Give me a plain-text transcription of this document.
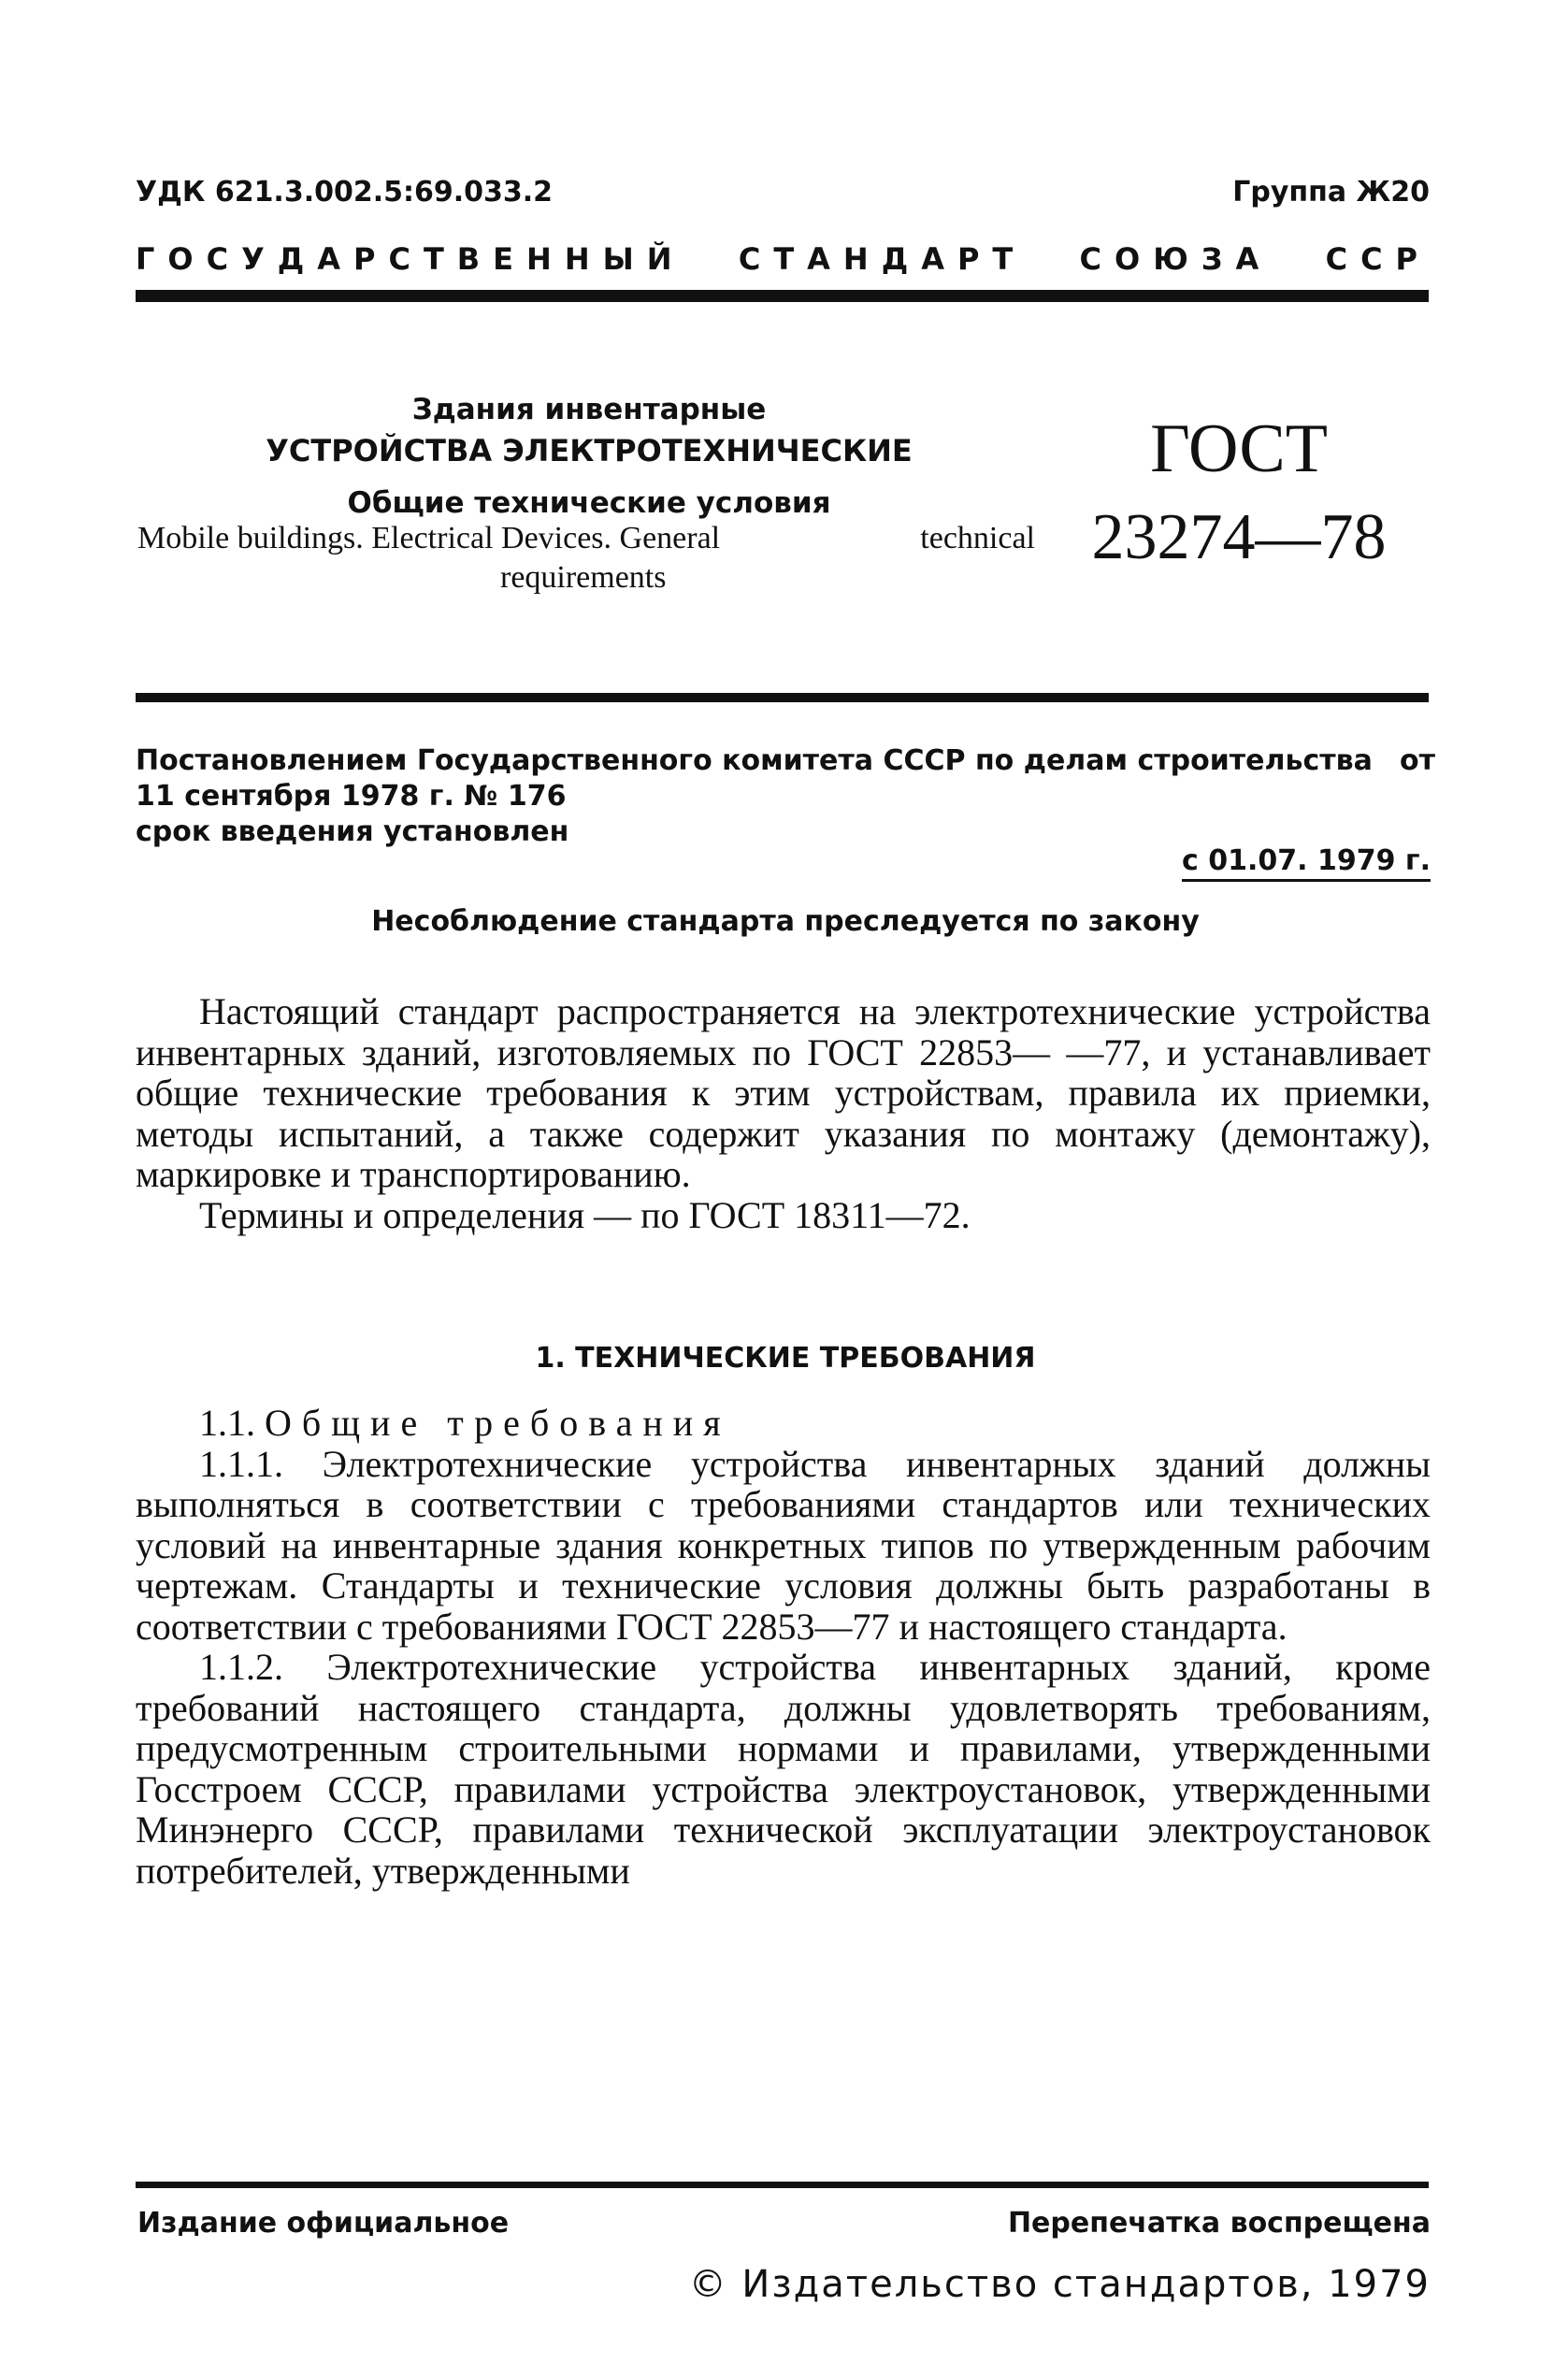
УДК 621.3.002.5:69.033.2	Группа Ж20
ГОСУДАРСТВЕННЫЙ СТАНДАРТ СОЮЗА ССР
Здания инвентарные
УСТРОЙСТВА ЭЛЕКТРОТЕХНИЧЕСКИЕ
Общие технические условия
Mobile buildings. Electrical Devices. General	technical
requirements
ГОСТ
23274—78
Постановлением Государственного комитета СССР по делам строительства от
11 сентября 1978 г. № 176
срок введения установлен
с 01.07. 1979 г.
Несоблюдение стандарта преследуется по закону

Настоящий стандарт распространяется на электротехнические устройства инвентарных зданий, изготовляемых по ГОСТ 22853— —77, и устанавливает общие технические требования к этим устройствам, правила их приемки, методы испытаний, а также содержит указания по монтажу (демонтажу), маркировке и транспортированию.

Термины и определения — по ГОСТ 18311—72.

1. ТЕХНИЧЕСКИЕ ТРЕБОВАНИЯ

1.1. Общие требования

1.1.1. Электротехнические устройства инвентарных зданий должны выполняться в соответствии с требованиями стандартов или технических условий на инвентарные здания конкретных типов по утвержденным рабочим чертежам. Стандарты и технические условия должны быть разработаны в соответствии с требованиями ГОСТ 22853—77 и настоящего стандарта.

1.1.2. Электротехнические устройства инвентарных зданий, кроме требований настоящего стандарта, должны удовлетворять требованиям, предусмотренным строительными нормами и правилами, утвержденными Госстроем СССР, правилами устройства электроустановок, утвержденными Минэнерго СССР, правилами технической эксплуатации электроустановок потребителей, утвержденными

Издание официальное	Перепечатка воспрещена
© Издательство стандартов, 1979
